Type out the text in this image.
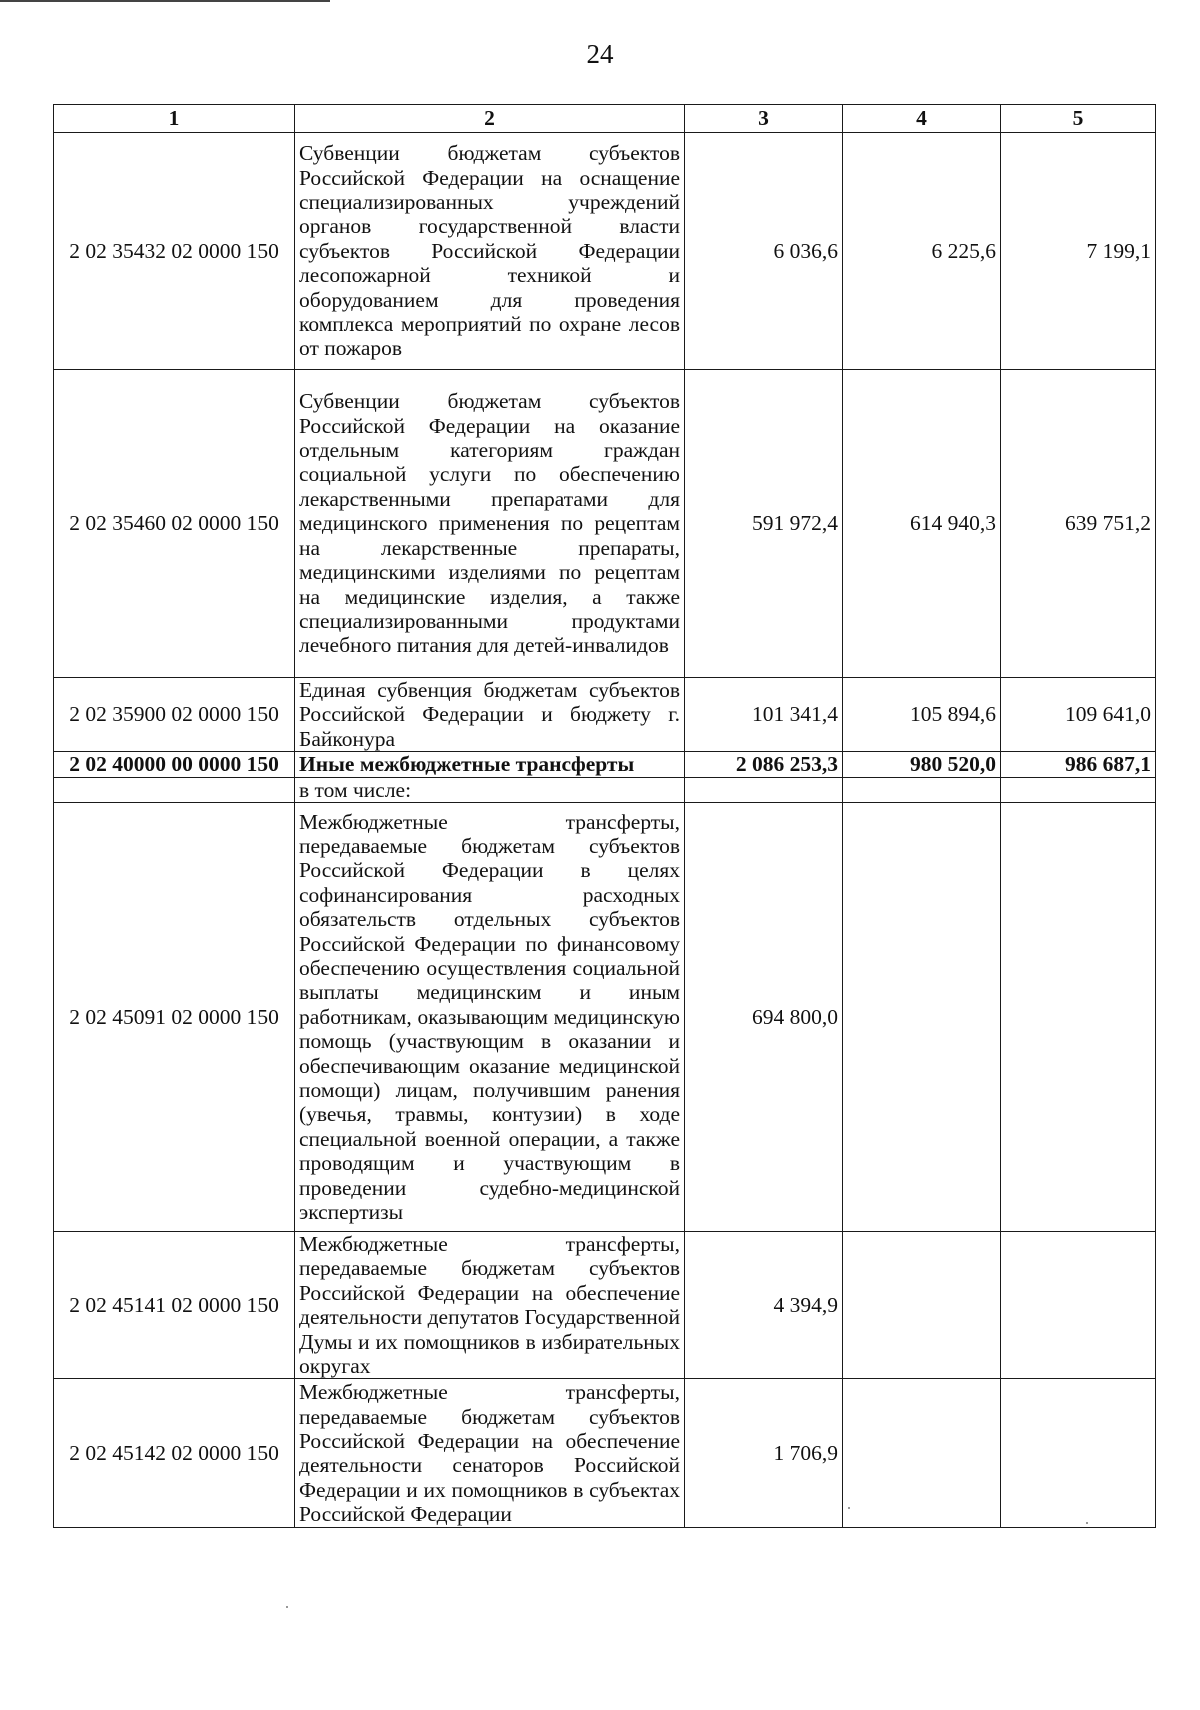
24
1	2	3	4	5
2 02 35432 02 0000 150	Субвенции бюджетам субъектов Российской Федерации на оснащение специализированных учреждений органов государственной власти субъектов Российской Федерации лесопожарной техникой и оборудованием для проведения комплекса мероприятий по охране лесов от пожаров	6 036,6	6 225,6	7 199,1
2 02 35460 02 0000 150	Субвенции бюджетам субъектов Российской Федерации на оказание отдельным категориям граждан социальной услуги по обеспечению лекарственными препаратами для медицинского применения по рецептам на лекарственные препараты, медицинскими изделиями по рецептам на медицинские изделия, а также специализированными продуктами лечебного питания для детей-инвалидов	591 972,4	614 940,3	639 751,2
2 02 35900 02 0000 150	Единая субвенция бюджетам субъектов Российской Федерации и бюджету г. Байконура	101 341,4	105 894,6	109 641,0
2 02 40000 00 0000 150	Иные межбюджетные трансферты	2 086 253,3	980 520,0	986 687,1
	в том числе:			
2 02 45091 02 0000 150	Межбюджетные трансферты, передаваемые бюджетам субъектов Российской Федерации в целях софинансирования расходных обязательств отдельных субъектов Российской Федерации по финансовому обеспечению осуществления социальной выплаты медицинским и иным работникам, оказывающим медицинскую помощь (участвующим в оказании и обеспечивающим оказание медицинской помощи) лицам, получившим ранения (увечья, травмы, контузии) в ходе специальной военной операции, а также проводящим и участвующим в проведении судебно-медицинской экспертизы	694 800,0		
2 02 45141 02 0000 150	Межбюджетные трансферты, передаваемые бюджетам субъектов Российской Федерации на обеспечение деятельности депутатов Государственной Думы и их помощников в избирательных округах	4 394,9		
2 02 45142 02 0000 150	Межбюджетные трансферты, передаваемые бюджетам субъектов Российской Федерации на обеспечение деятельности сенаторов Российской Федерации и их помощников в субъектах Российской Федерации	1 706,9		
